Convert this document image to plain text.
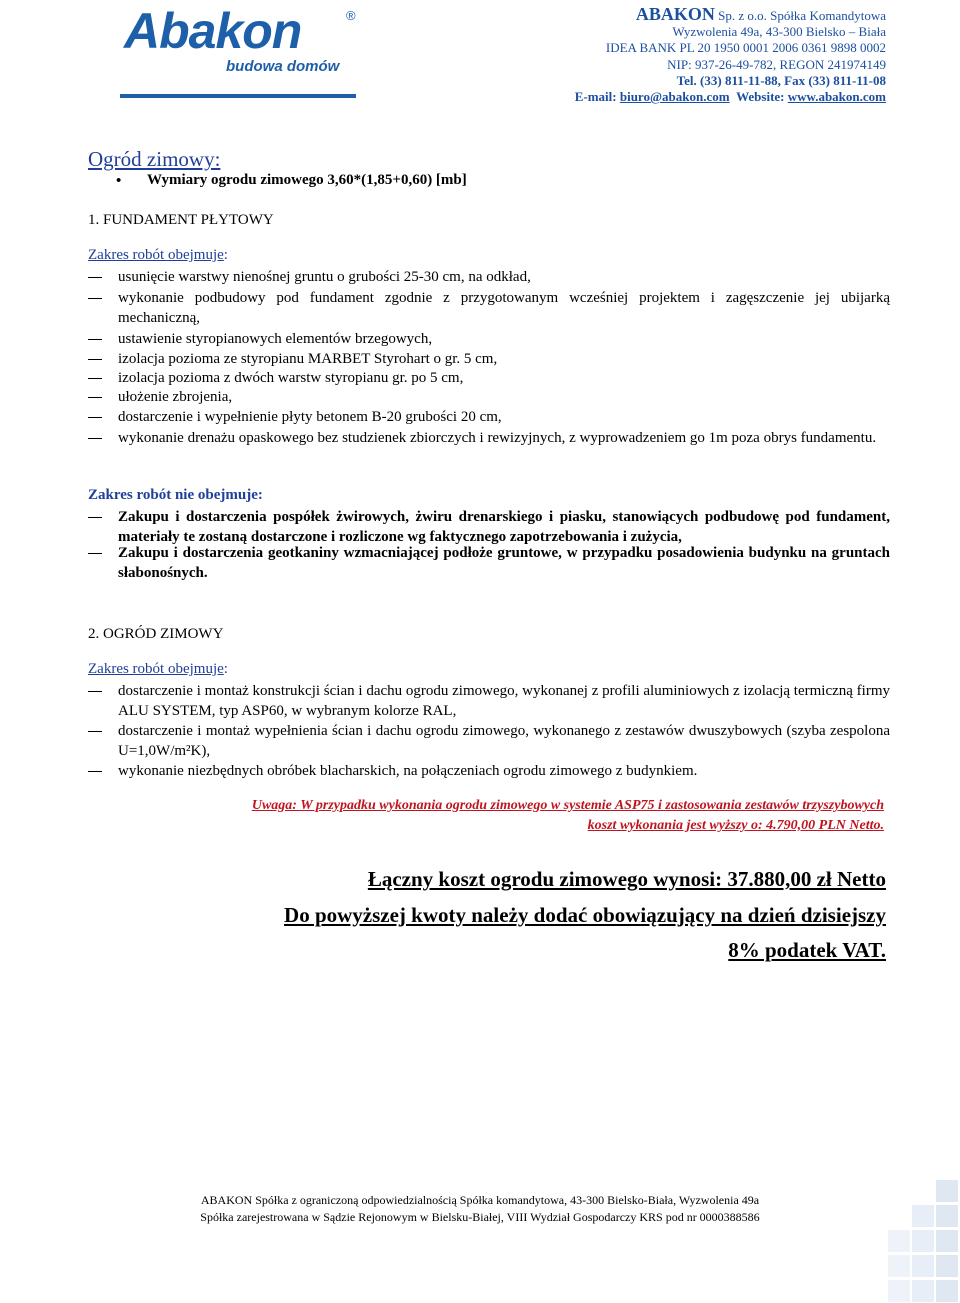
Abakon	®
budowa domów
ABAKON Sp. z o.o. Spółka Komandytowa
Wyzwolenia 49a, 43-300 Bielsko – Biała
IDEA BANK PL 20 1950 0001 2006 0361 9898 0002
NIP: 937-26-49-782, REGON 241974149
Tel. (33) 811-11-88, Fax (33) 811-11-08
E-mail: biuro@abakon.com Website: www.abakon.com
Ogród zimowy:
• Wymiary ogrodu zimowego 3,60*(1,85+0,60) [mb]
1. FUNDAMENT PŁYTOWY
Zakres robót obejmuje:
usunięcie warstwy nienośnej gruntu o grubości 25-30 cm, na odkład,
wykonanie podbudowy pod fundament zgodnie z przygotowanym wcześniej projektem i zagęszczenie jej ubijarką mechaniczną,
ustawienie styropianowych elementów brzegowych,
izolacja pozioma ze styropianu MARBET Styrohart o gr. 5 cm,
izolacja pozioma z dwóch warstw styropianu gr. po 5 cm,
ułożenie zbrojenia,
dostarczenie i wypełnienie płyty betonem B-20 grubości 20 cm,
wykonanie drenażu opaskowego bez studzienek zbiorczych i rewizyjnych, z wyprowadzeniem go 1m poza obrys fundamentu.
Zakres robót nie obejmuje:
Zakupu i dostarczenia pospółek żwirowych, żwiru drenarskiego i piasku, stanowiących podbudowę pod fundament, materiały te zostaną dostarczone i rozliczone wg faktycznego zapotrzebowania i zużycia,
Zakupu i dostarczenia geotkaniny wzmacniającej podłoże gruntowe, w przypadku posadowienia budynku na gruntach słabonośnych.
2. OGRÓD ZIMOWY
Zakres robót obejmuje:
dostarczenie i montaż konstrukcji ścian i dachu ogrodu zimowego, wykonanej z profili aluminiowych z izolacją termiczną firmy ALU SYSTEM, typ ASP60, w wybranym kolorze RAL,
dostarczenie i montaż wypełnienia ścian i dachu ogrodu zimowego, wykonanego z zestawów dwuszybowych (szyba zespolona U=1,0W/m²K),
wykonanie niezbędnych obróbek blacharskich, na połączeniach ogrodu zimowego z budynkiem.
Uwaga: W przypadku wykonania ogrodu zimowego w systemie ASP75 i zastosowania zestawów trzyszybowych
koszt wykonania jest wyższy o: 4.790,00 PLN Netto.
Łączny koszt ogrodu zimowego wynosi: 37.880,00 zł Netto
Do powyższej kwoty należy dodać obowiązujący na dzień dzisiejszy
8% podatek VAT.
ABAKON Spółka z ograniczoną odpowiedzialnością Spółka komandytowa, 43-300 Bielsko-Biała, Wyzwolenia 49a
Spółka zarejestrowana w Sądzie Rejonowym w Bielsku-Białej, VIII Wydział Gospodarczy KRS pod nr 0000388586
